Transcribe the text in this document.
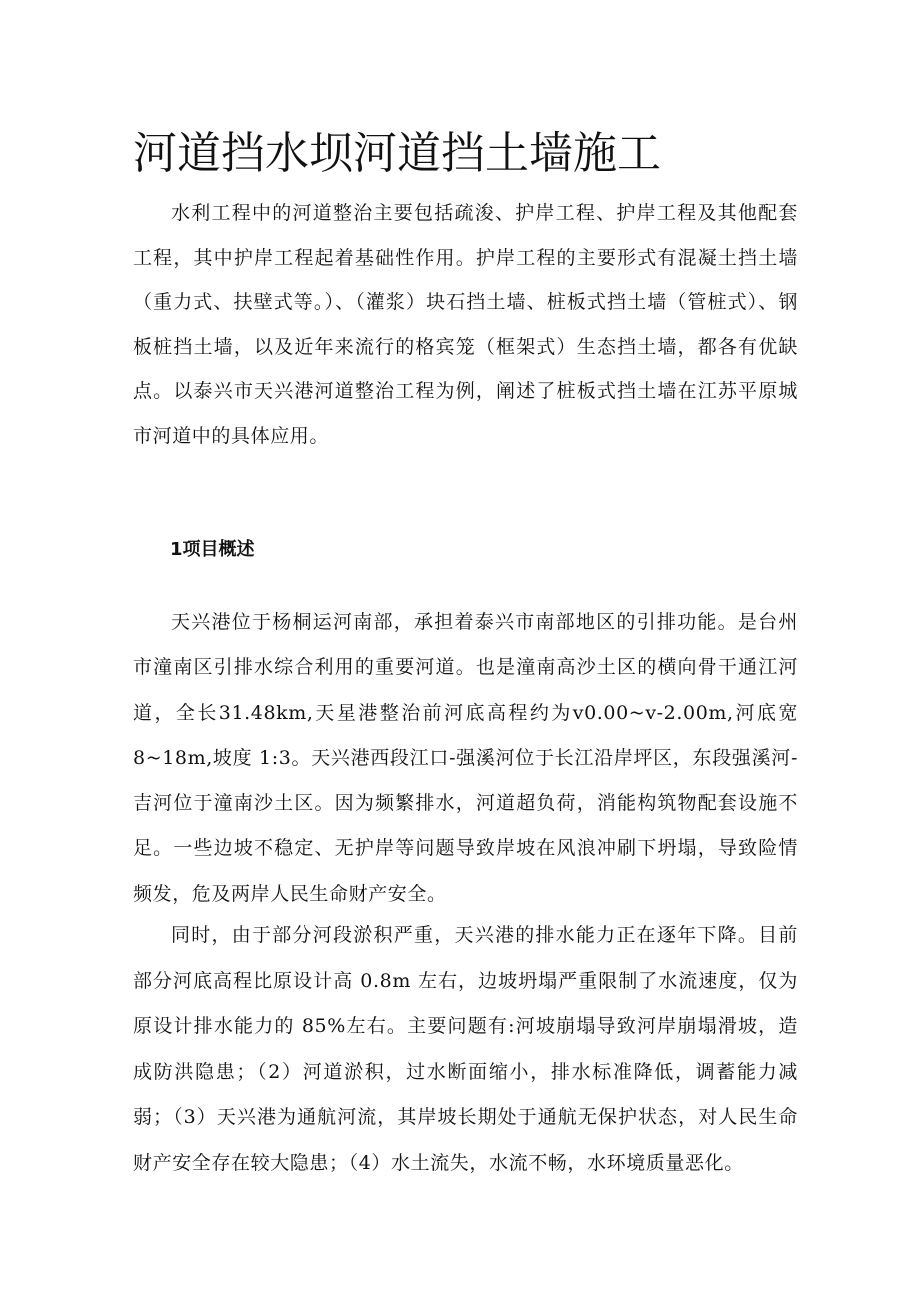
河道挡水坝河道挡土墙施工

水利工程中的河道整治主要包括疏浚、护岸工程、护岸工程及其他配套工程，其中护岸工程起着基础性作用。护岸工程的主要形式有混凝土挡土墙（重力式、扶壁式等。）、（灌浆）块石挡土墙、桩板式挡土墙（管桩式）、钢板桩挡土墙，以及近年来流行的格宾笼（框架式）生态挡土墙，都各有优缺点。以泰兴市天兴港河道整治工程为例，阐述了桩板式挡土墙在江苏平原城市河道中的具体应用。

1项目概述

天兴港位于杨桐运河南部，承担着泰兴市南部地区的引排功能。是台州市潼南区引排水综合利用的重要河道。也是潼南高沙土区的横向骨干通江河道，全长31.48km,天星港整治前河底高程约为v0.00~v-2.00m,河底宽 8~18m,坡度 1:3。天兴港西段江口-强溪河位于长江沿岸坪区，东段强溪河-吉河位于潼南沙土区。因为频繁排水，河道超负荷，消能构筑物配套设施不足。一些边坡不稳定、无护岸等问题导致岸坡在风浪冲刷下坍塌，导致险情频发，危及两岸人民生命财产安全。

同时，由于部分河段淤积严重，天兴港的排水能力正在逐年下降。目前部分河底高程比原设计高 0.8m 左右，边坡坍塌严重限制了水流速度，仅为原设计排水能力的 85%左右。主要问题有:河坡崩塌导致河岸崩塌滑坡，造成防洪隐患；（2）河道淤积，过水断面缩小，排水标准降低，调蓄能力减弱；（3）天兴港为通航河流，其岸坡长期处于通航无保护状态，对人民生命财产安全存在较大隐患；（4）水土流失，水流不畅，水环境质量恶化。
